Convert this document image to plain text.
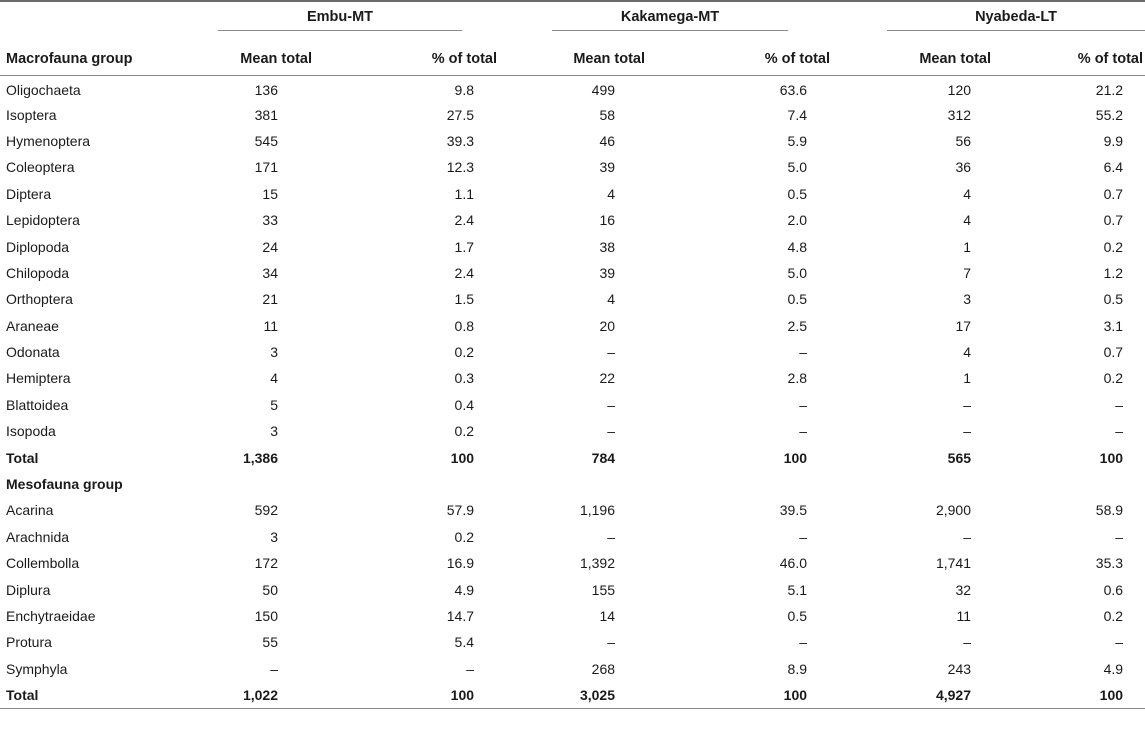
	Embu-MT		Kakamega-MT		Nyabeda-LT	

Macrofauna group	Mean total	% of total	Mean total	% of total	Mean total	% of total
Oligochaeta	136	9.8	499	63.6	120	21.2
Isoptera	381	27.5	58	7.4	312	55.2
Hymenoptera	545	39.3	46	5.9	56	9.9
Coleoptera	171	12.3	39	5.0	36	6.4
Diptera	15	1.1	4	0.5	4	0.7
Lepidoptera	33	2.4	16	2.0	4	0.7
Diplopoda	24	1.7	38	4.8	1	0.2
Chilopoda	34	2.4	39	5.0	7	1.2
Orthoptera	21	1.5	4	0.5	3	0.5
Araneae	11	0.8	20	2.5	17	3.1
Odonata	3	0.2	–	–	4	0.7
Hemiptera	4	0.3	22	2.8	1	0.2
Blattoidea	5	0.4	–	–	–	–
Isopoda	3	0.2	–	–	–	–
Total	1,386	100	784	100	565	100
Mesofauna group						
Acarina	592	57.9	1,196	39.5	2,900	58.9
Arachnida	3	0.2	–	–	–	–
Collembolla	172	16.9	1,392	46.0	1,741	35.3
Diplura	50	4.9	155	5.1	32	0.6
Enchytraeidae	150	14.7	14	0.5	11	0.2
Protura	55	5.4	–	–	–	–
Symphyla	–	–	268	8.9	243	4.9
Total	1,022	100	3,025	100	4,927	100
